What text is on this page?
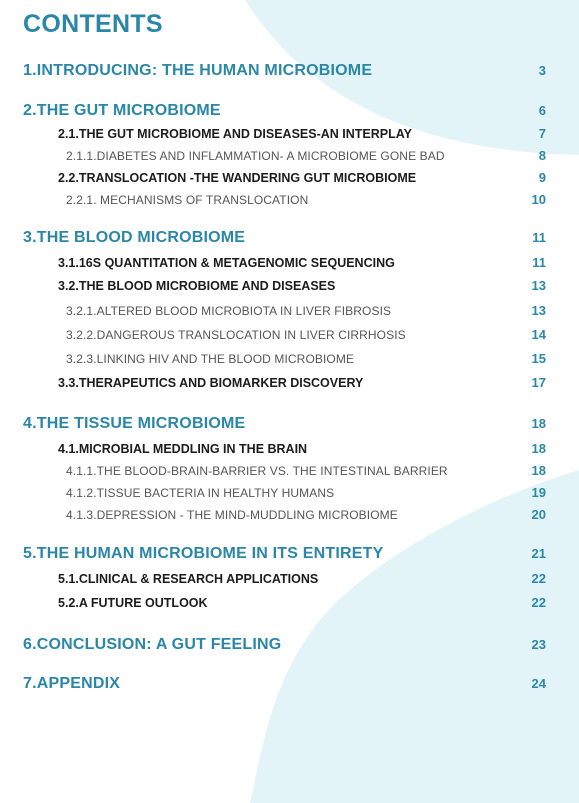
CONTENTS
1.INTRODUCING: THE HUMAN MICROBIOME	3
2.THE GUT MICROBIOME	6
2.1.THE GUT MICROBIOME AND DISEASES-AN INTERPLAY	7
2.1.1.DIABETES AND INFLAMMATION- A MICROBIOME GONE BAD	8
2.2.TRANSLOCATION -THE WANDERING GUT MICROBIOME	9
2.2.1. MECHANISMS OF TRANSLOCATION	10
3.THE BLOOD MICROBIOME	11
3.1.16S QUANTITATION & METAGENOMIC SEQUENCING	11
3.2.THE BLOOD MICROBIOME AND DISEASES	13
3.2.1.ALTERED BLOOD MICROBIOTA IN LIVER FIBROSIS	13
3.2.2.DANGEROUS TRANSLOCATION IN LIVER CIRRHOSIS	14
3.2.3.LINKING HIV AND THE BLOOD MICROBIOME	15
3.3.THERAPEUTICS AND BIOMARKER DISCOVERY	17
4.THE TISSUE MICROBIOME	18
4.1.MICROBIAL MEDDLING IN THE BRAIN	18
4.1.1.THE BLOOD-BRAIN-BARRIER VS. THE INTESTINAL BARRIER	18
4.1.2.TISSUE BACTERIA IN HEALTHY HUMANS	19
4.1.3.DEPRESSION - THE MIND-MUDDLING MICROBIOME	20
5.THE HUMAN MICROBIOME IN ITS ENTIRETY	21
5.1.CLINICAL & RESEARCH APPLICATIONS	22
5.2.A FUTURE OUTLOOK	22
6.CONCLUSION: A GUT FEELING	23
7.APPENDIX	24
